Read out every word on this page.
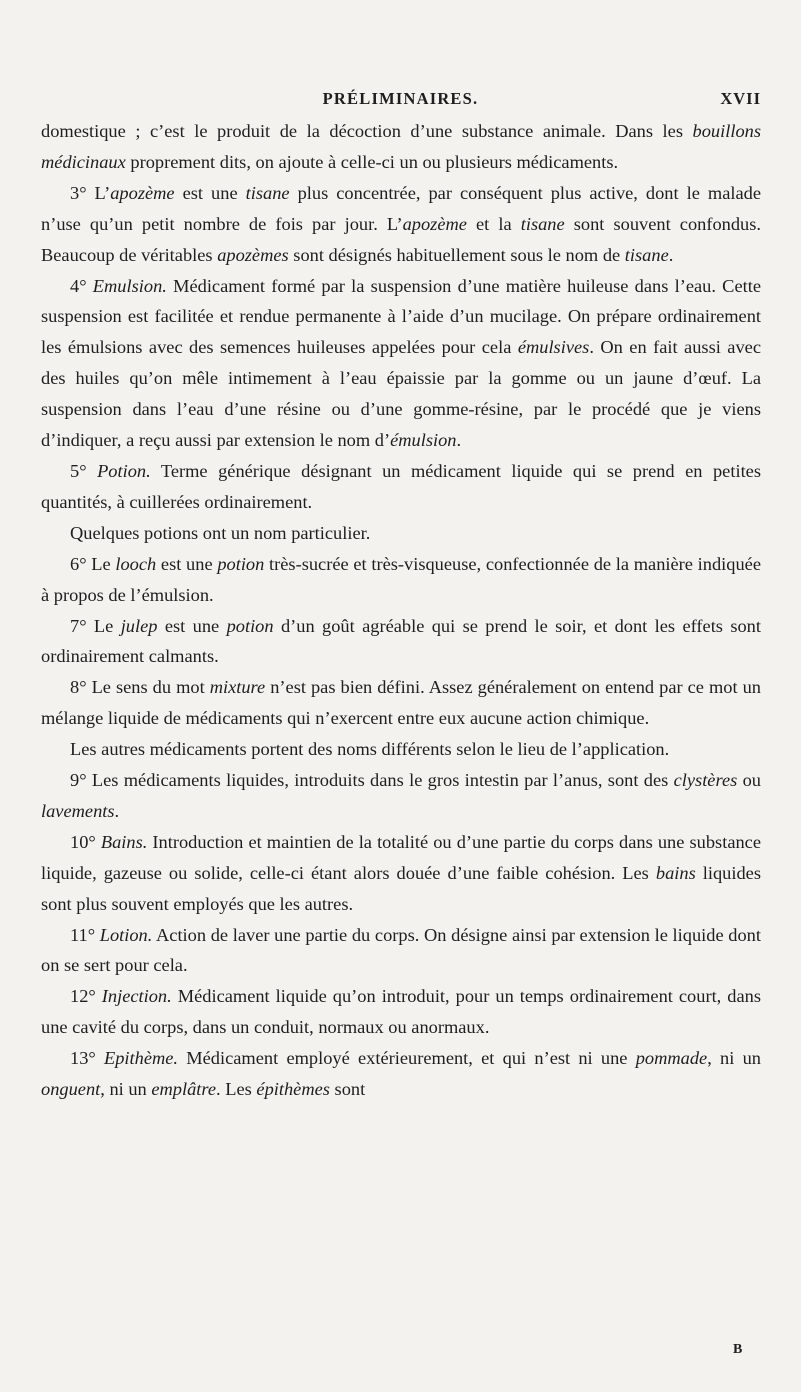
PRÉLIMINAIRES.	XVII

domestique ; c’est le produit de la décoction d’une substance animale. Dans les bouillons médicinaux proprement dits, on ajoute à celle-ci un ou plusieurs médicaments.

3° L’apozème est une tisane plus concentrée, par conséquent plus active, dont le malade n’use qu’un petit nombre de fois par jour. L’apozème et la tisane sont souvent confondus. Beaucoup de véritables apozèmes sont désignés habituellement sous le nom de tisane.

4° Emulsion. Médicament formé par la suspension d’une matière huileuse dans l’eau. Cette suspension est facilitée et rendue permanente à l’aide d’un mucilage. On prépare ordinairement les émulsions avec des semences huileuses appelées pour cela émulsives. On en fait aussi avec des huiles qu’on mêle intimement à l’eau épaissie par la gomme ou un jaune d’œuf. La suspension dans l’eau d’une résine ou d’une gomme-résine, par le procédé que je viens d’indiquer, a reçu aussi par extension le nom d’émulsion.

5° Potion. Terme générique désignant un médicament liquide qui se prend en petites quantités, à cuillerées ordinairement.

Quelques potions ont un nom particulier.

6° Le looch est une potion très-sucrée et très-visqueuse, confectionnée de la manière indiquée à propos de l’émulsion.

7° Le julep est une potion d’un goût agréable qui se prend le soir, et dont les effets sont ordinairement calmants.

8° Le sens du mot mixture n’est pas bien défini. Assez généralement on entend par ce mot un mélange liquide de médicaments qui n’exercent entre eux aucune action chimique.

Les autres médicaments portent des noms différents selon le lieu de l’application.

9° Les médicaments liquides, introduits dans le gros intestin par l’anus, sont des clystères ou lavements.

10° Bains. Introduction et maintien de la totalité ou d’une partie du corps dans une substance liquide, gazeuse ou solide, celle-ci étant alors douée d’une faible cohésion. Les bains liquides sont plus souvent employés que les autres.

11° Lotion. Action de laver une partie du corps. On désigne ainsi par extension le liquide dont on se sert pour cela.

12° Injection. Médicament liquide qu’on introduit, pour un temps ordinairement court, dans une cavité du corps, dans un conduit, normaux ou anormaux.

13° Epithème. Médicament employé extérieurement, et qui n’est ni une pommade, ni un onguent, ni un emplâtre. Les épithèmes sont

B
